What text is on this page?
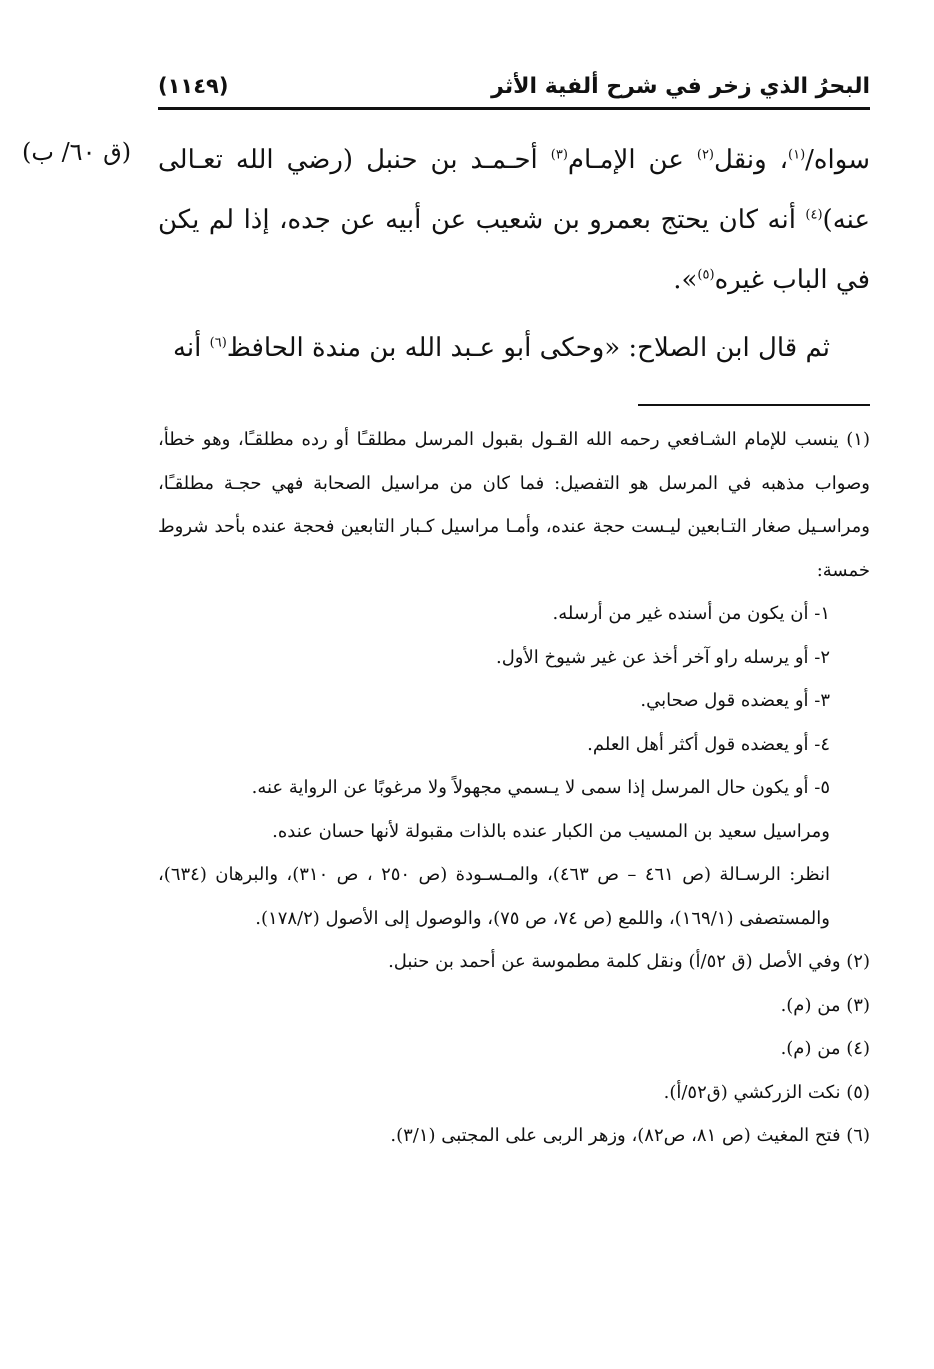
البحرُ الذي زخر في شرح ألفية الأثر
(١١٤٩)
(ق ٦٠/ ب)	سواه/$^{(١)}$، ونقل$^{(٢)}$ عن الإمـام$^{(٣)}$ أحـمـد بن حنبل (رضي الله تعـالى عنه)$^{(٤)}$ أنه كان يحتج بعمرو بن شعيب عن أبيه عن جده، إذا لم يكن في الباب غيره$^{(٥)}$».

ثم قال ابن الصلاح: «وحكى أبو عـبد الله بن مندة الحافظ$^{(٦)}$ أنه

(١) ينسب للإمام الشـافعي رحمه الله القـول بقبول المرسل مطلقـًا أو رده مطلقـًا، وهو خطأ، وصواب مذهبه في المرسل هو التفصيل: فما كان من مراسيل الصحابة فهي حجـة مطلقـًا، ومراسـيل صغار التـابعين ليـست حجة عنده، وأمـا مراسيل كـبار التابعين فحجة عنده بأحد شروط خمسة:

١- أن يكون من أسنده غير من أرسله.

٢- أو يرسله راو آخر أخذ عن غير شيوخ الأول.

٣- أو يعضده قول صحابي.

٤- أو يعضده قول أكثر أهل العلم.

٥- أو يكون حال المرسل إذا سمى لا يـسمي مجهولاً ولا مرغوبًا عن الرواية عنه.

ومراسيل سعيد بن المسيب من الكبار عنده بالذات مقبولة لأنها حسان عنده.

انظر: الرسـالة (ص ٤٦١ – ص ٤٦٣)، والمـسـودة (ص ٢٥٠ ، ص ٣١٠)، والبرهان (٦٣٤)، والمستصفى (١٦٩/١)، واللمع (ص ٧٤، ص ٧٥)، والوصول إلى الأصول (١٧٨/٢).

(٢) وفي الأصل (ق ٥٢/أ) ونقل كلمة مطموسة عن أحمد بن حنبل.

(٣) من (م).

(٤) من (م).

(٥) نكت الزركشي (ق٥٢/أ).

(٦) فتح المغيث (ص ٨١، ص٨٢)، وزهر الربى على المجتبى (٣/١).
